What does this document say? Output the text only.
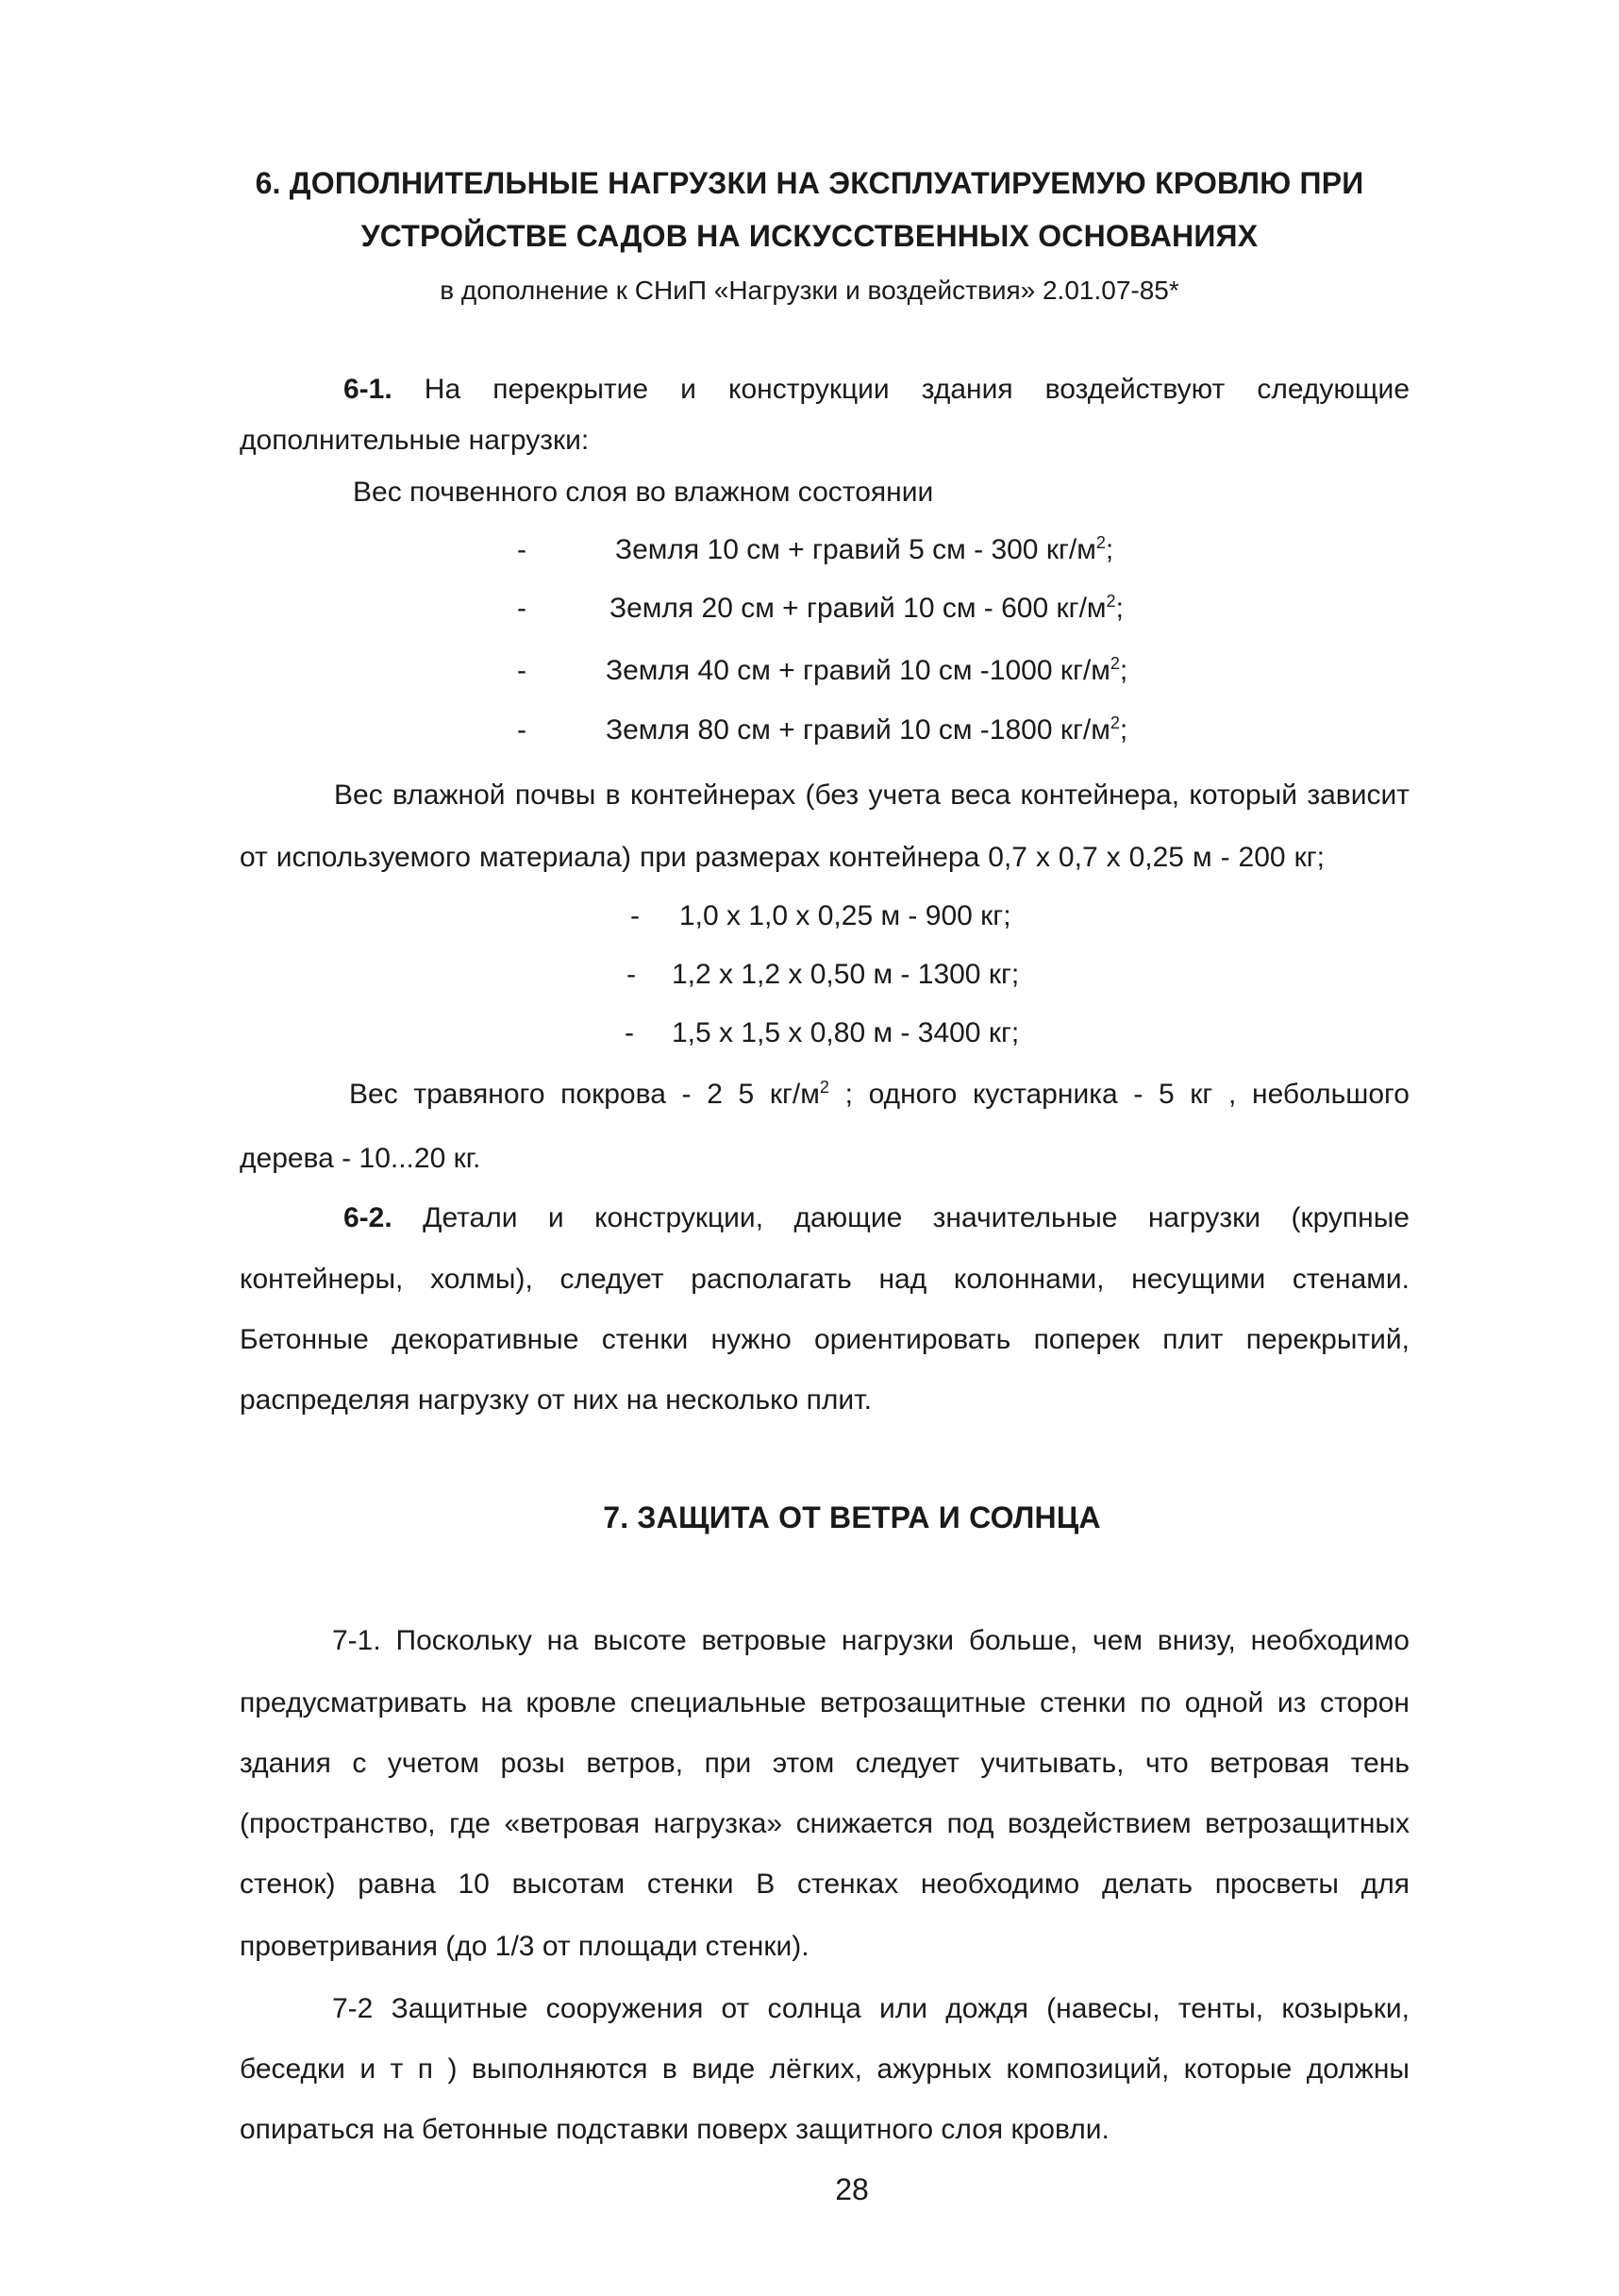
6. ДОПОЛНИТЕЛЬНЫЕ НАГРУЗКИ НА ЭКСПЛУАТИРУЕМУЮ КРОВЛЮ ПРИ
УСТРОЙСТВЕ САДОВ НА ИСКУССТВЕННЫХ ОСНОВАНИЯХ
в дополнение к СНиП «Нагрузки и воздействия» 2.01.07-85*
6-1. На перекрытие и конструкции здания воздействуют следующие
дополнительные нагрузки:
Вес почвенного слоя во влажном состоянии
-	Земля 10 см + гравий 5 см - 300 $кг/м^2$;
-	Земля 20 см + гравий 10 см - 600 $кг/м^2$;
-	Земля 40 см + гравий 10 см -1000 $кг/м^2$;
-	Земля 80 см + гравий 10 см -1800 $кг/м^2$;
Вес влажной почвы в контейнерах (без учета веса контейнера, который зависит
от используемого материала) при размерах контейнера 0,7 х 0,7 х 0,25 м - 200 кг;
- 1,0 х 1,0 х 0,25 м - 900 кг;
- 1,2 х 1,2 х 0,50 м - 1300 кг;
- 1,5 х 1,5 х 0,80 м - 3400 кг;
Вес травяного покрова - 2 5 $кг/м^2$ ; одного кустарника - 5 кг , небольшого
дерева - 10...20 кг.
6-2. Детали и конструкции, дающие значительные нагрузки (крупные
контейнеры, холмы), следует располагать над колоннами, несущими стенами.
Бетонные декоративные стенки нужно ориентировать поперек плит перекрытий,
распределяя нагрузку от них на несколько плит.
7. ЗАЩИТА ОТ ВЕТРА И СОЛНЦА
7-1. Поскольку на высоте ветровые нагрузки больше, чем внизу, необходимо
предусматривать на кровле специальные ветрозащитные стенки по одной из сторон
здания с учетом розы ветров, при этом следует учитывать, что ветровая тень
(пространство, где «ветровая нагрузка» снижается под воздействием ветрозащитных
стенок) равна 10 высотам стенки В стенках необходимо делать просветы для
проветривания (до 1/3 от площади стенки).
7-2 Защитные сооружения от солнца или дождя (навесы, тенты, козырьки,
беседки и т п ) выполняются в виде лёгких, ажурных композиций, которые должны
опираться на бетонные подставки поверх защитного слоя кровли.
28
